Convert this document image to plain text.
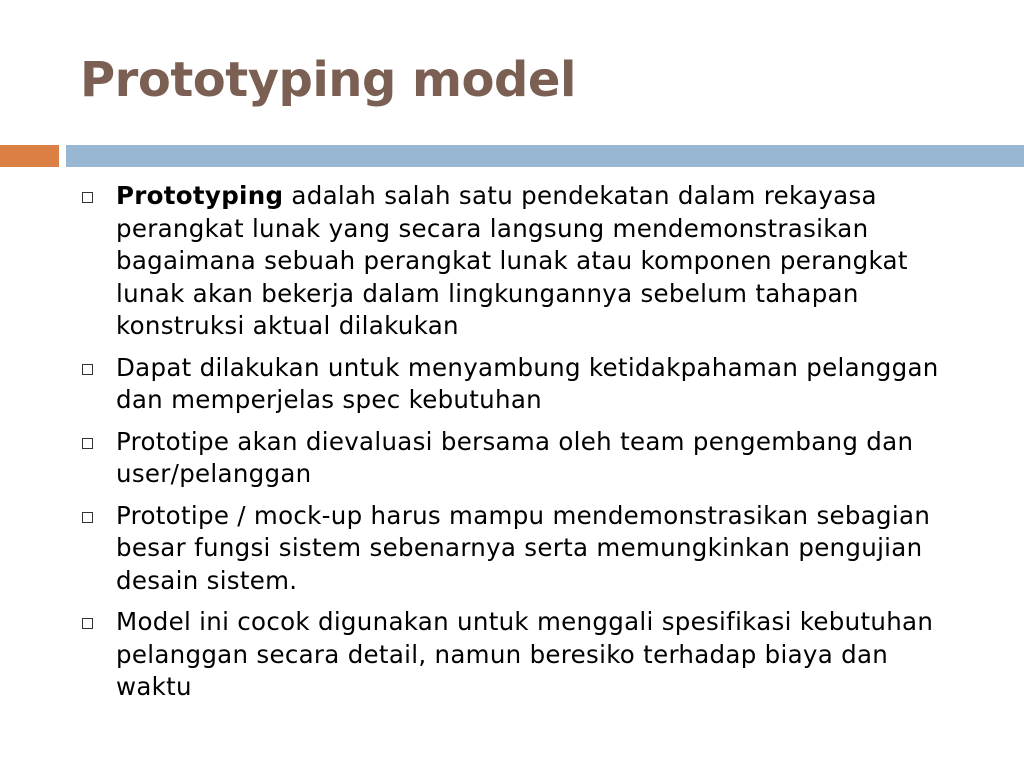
Prototyping model
Prototyping adalah salah satu pendekatan dalam rekayasa perangkat lunak yang secara langsung mendemonstrasikan bagaimana sebuah perangkat lunak atau komponen perangkat lunak akan bekerja dalam lingkungannya sebelum tahapan konstruksi aktual dilakukan
Dapat dilakukan untuk menyambung ketidakpahaman pelanggan dan memperjelas spec kebutuhan
Prototipe akan dievaluasi bersama oleh team pengembang dan user/pelanggan
Prototipe / mock-up harus mampu mendemonstrasikan sebagian besar fungsi sistem sebenarnya serta memungkinkan pengujian desain sistem.
Model ini cocok digunakan untuk menggali spesifikasi kebutuhan pelanggan secara detail, namun beresiko terhadap biaya dan waktu
